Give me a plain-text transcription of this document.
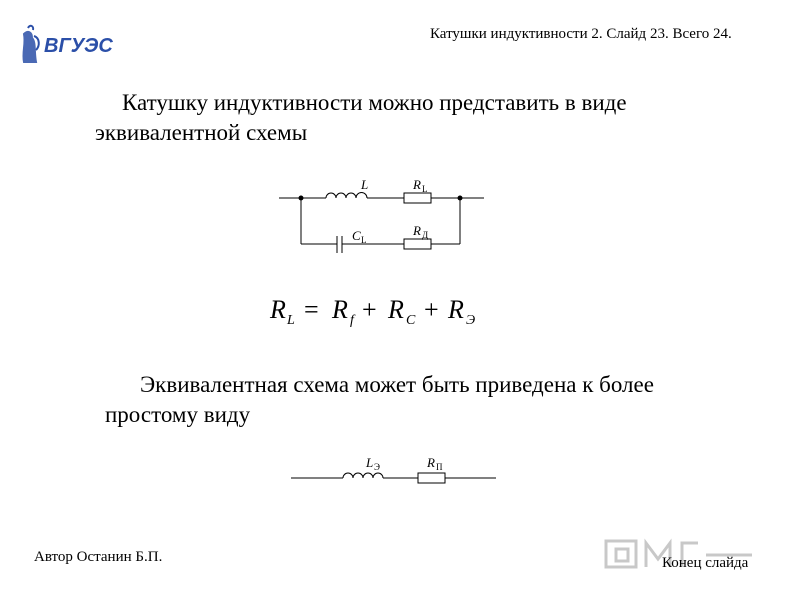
ВГУЭС
Катушки индуктивности 2. Слайд 23. Всего 24.
Катушку индуктивности можно представить в виде эквивалентной схемы
L	R L
C L
R Д
R L = R f + R C + R Э
Эквивалентная схема может быть приведена к более простому виду
L Э	R П
Автор Останин Б.П.	Конец слайда
